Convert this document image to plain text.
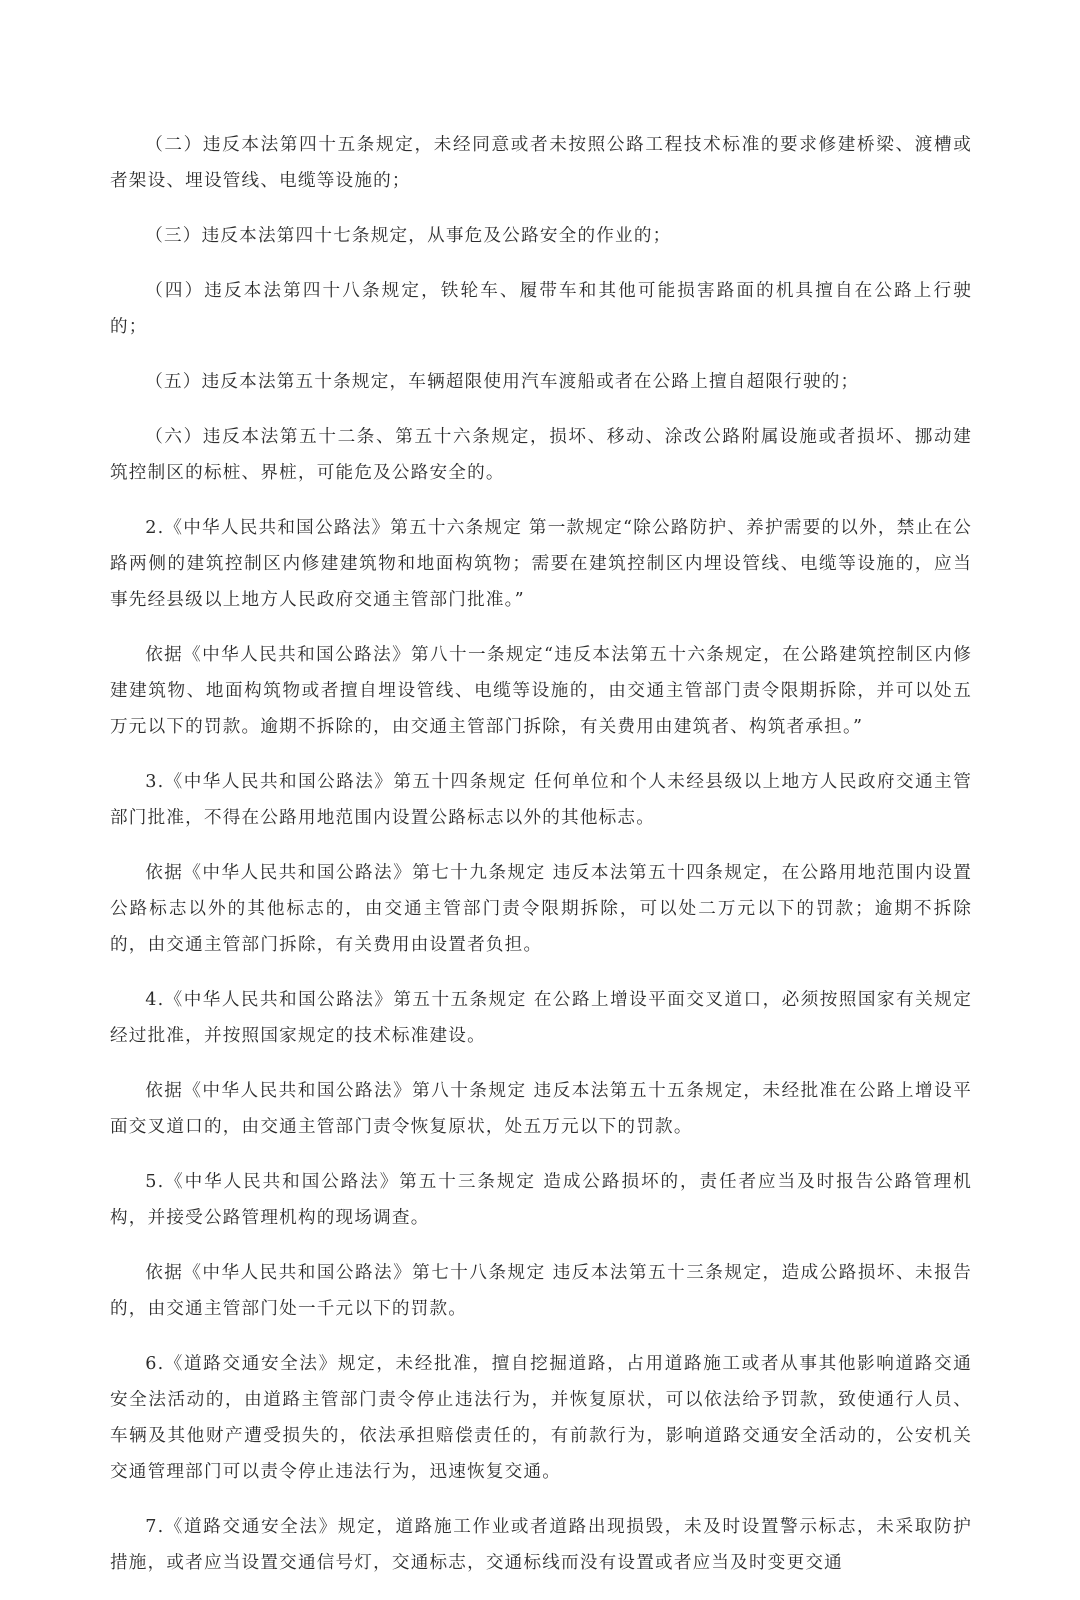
（二）违反本法第四十五条规定，未经同意或者未按照公路工程技术标准的要求修建桥梁、渡槽或者架设、埋设管线、电缆等设施的；

（三）违反本法第四十七条规定，从事危及公路安全的作业的；

（四）违反本法第四十八条规定，铁轮车、履带车和其他可能损害路面的机具擅自在公路上行驶的；

（五）违反本法第五十条规定，车辆超限使用汽车渡船或者在公路上擅自超限行驶的；

（六）违反本法第五十二条、第五十六条规定，损坏、移动、涂改公路附属设施或者损坏、挪动建筑控制区的标桩、界桩，可能危及公路安全的。

2.《中华人民共和国公路法》第五十六条规定 第一款规定“除公路防护、养护需要的以外，禁止在公路两侧的建筑控制区内修建建筑物和地面构筑物；需要在建筑控制区内埋设管线、电缆等设施的，应当事先经县级以上地方人民政府交通主管部门批准。”

依据《中华人民共和国公路法》第八十一条规定“违反本法第五十六条规定，在公路建筑控制区内修建建筑物、地面构筑物或者擅自埋设管线、电缆等设施的，由交通主管部门责令限期拆除，并可以处五万元以下的罚款。逾期不拆除的，由交通主管部门拆除，有关费用由建筑者、构筑者承担。”

3.《中华人民共和国公路法》第五十四条规定 任何单位和个人未经县级以上地方人民政府交通主管部门批准，不得在公路用地范围内设置公路标志以外的其他标志。

依据《中华人民共和国公路法》第七十九条规定 违反本法第五十四条规定，在公路用地范围内设置公路标志以外的其他标志的，由交通主管部门责令限期拆除，可以处二万元以下的罚款；逾期不拆除的，由交通主管部门拆除，有关费用由设置者负担。

4.《中华人民共和国公路法》第五十五条规定 在公路上增设平面交叉道口，必须按照国家有关规定经过批准，并按照国家规定的技术标准建设。

依据《中华人民共和国公路法》第八十条规定 违反本法第五十五条规定，未经批准在公路上增设平面交叉道口的，由交通主管部门责令恢复原状，处五万元以下的罚款。

5.《中华人民共和国公路法》第五十三条规定 造成公路损坏的，责任者应当及时报告公路管理机构，并接受公路管理机构的现场调查。

依据《中华人民共和国公路法》第七十八条规定 违反本法第五十三条规定，造成公路损坏、未报告的，由交通主管部门处一千元以下的罚款。

6.《道路交通安全法》规定，未经批准，擅自挖掘道路，占用道路施工或者从事其他影响道路交通安全法活动的，由道路主管部门责令停止违法行为，并恢复原状，可以依法给予罚款，致使通行人员、车辆及其他财产遭受损失的，依法承担赔偿责任的，有前款行为，影响道路交通安全活动的，公安机关交通管理部门可以责令停止违法行为，迅速恢复交通。

7.《道路交通安全法》规定，道路施工作业或者道路出现损毁，未及时设置警示标志，未采取防护措施，或者应当设置交通信号灯，交通标志，交通标线而没有设置或者应当及时变更交通
